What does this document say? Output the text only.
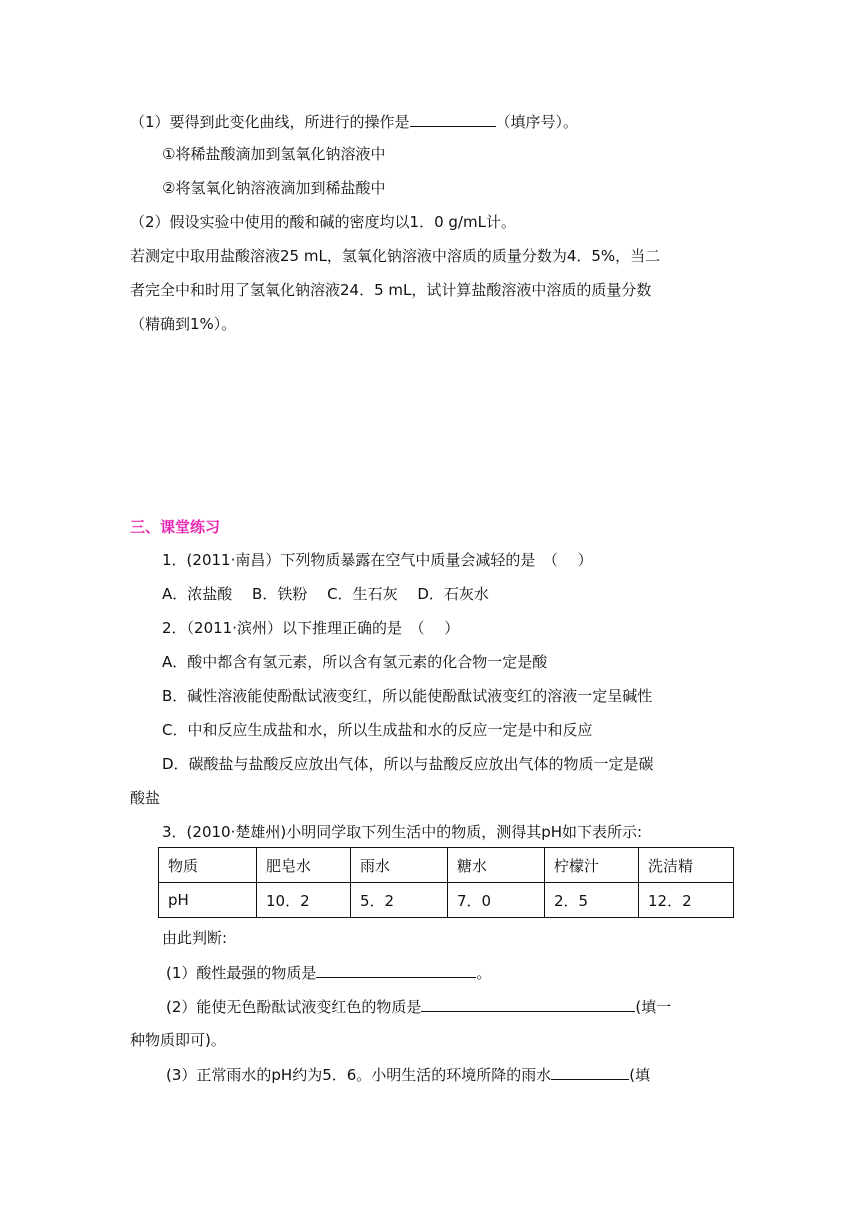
（1）要得到此变化曲线，所进行的操作是	（填序号）。
①将稀盐酸滴加到氢氧化钠溶液中
②将氢氧化钠溶液滴加到稀盐酸中
（2）假设实验中使用的酸和碱的密度均以1．0 g/mL计。
若测定中取用盐酸溶液25 mL，氢氧化钠溶液中溶质的质量分数为4．5%，当二
者完全中和时用了氢氧化钠溶液24．5 mL，试计算盐酸溶液中溶质的质量分数
（精确到1%）。
三、课堂练习
1．(2011·南昌）下列物质暴露在空气中质量会减轻的是　（　 ）
A．浓盐酸　 B．铁粉　 C．生石灰　 D．石灰水
2．（2011·滨州）以下推理正确的是　（　 ）
A．酸中都含有氢元素，所以含有氢元素的化合物一定是酸
B．碱性溶液能使酚酞试液变红，所以能使酚酞试液变红的溶液一定呈碱性
C．中和反应生成盐和水，所以生成盐和水的反应一定是中和反应
D．碳酸盐与盐酸反应放出气体，所以与盐酸反应放出气体的物质一定是碳
酸盐
3．(2010·楚雄州)小明同学取下列生活中的物质，测得其pH如下表所示:
物质	肥皂水	雨水	糖水	柠檬汁	洗洁精
pH	10．2	5．2	7．0	2．5	12．2
由此判断:
(1）酸性最强的物质是	。
(2）能使无色酚酞试液变红色的物质是	(填一
种物质即可)。
(3）正常雨水的pH约为5．6。小明生活的环境所降的雨水	(填
